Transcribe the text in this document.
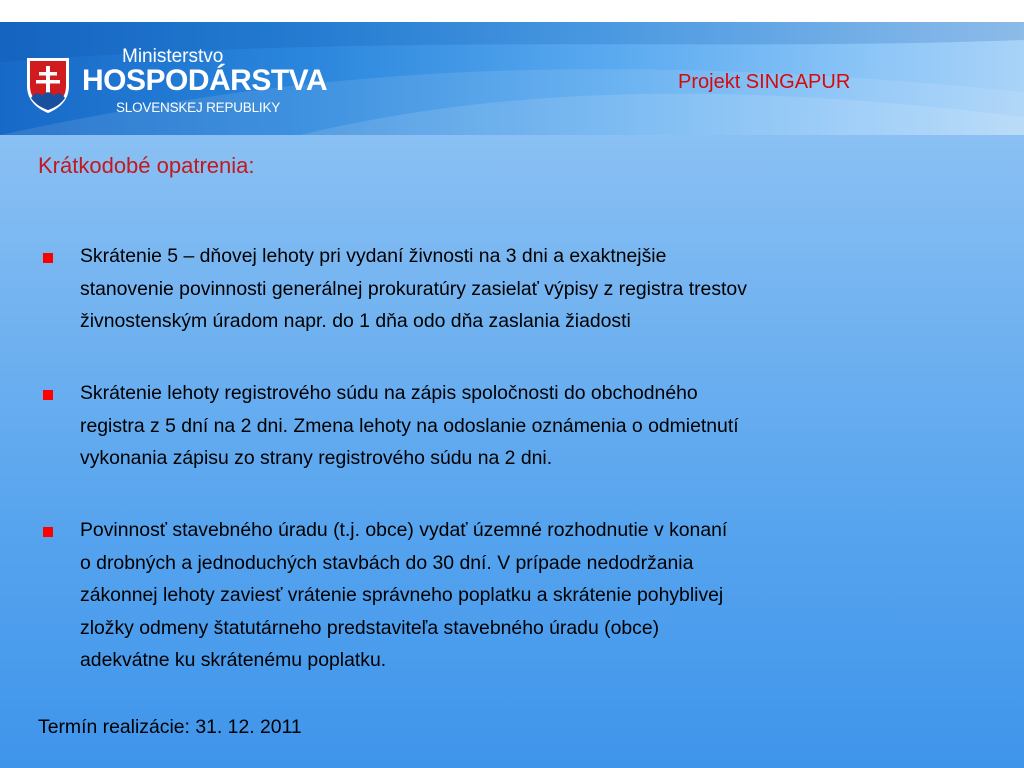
Ministerstvo
HOSPODÁRSTVA
SLOVENSKEJ REPUBLIKY
Projekt SINGAPUR
Krátkodobé opatrenia:
Skrátenie 5 – dňovej lehoty pri vydaní živnosti na 3 dni a exaktnejšie
stanovenie povinnosti generálnej prokuratúry zasielať výpisy z registra trestov
živnostenským úradom napr. do 1 dňa odo dňa zaslania žiadosti
Skrátenie lehoty registrového súdu na zápis spoločnosti do obchodného
registra z 5 dní na 2 dni. Zmena lehoty na odoslanie oznámenia o odmietnutí
vykonania zápisu zo strany registrového súdu na 2 dni.
Povinnosť stavebného úradu (t.j. obce) vydať územné rozhodnutie v konaní
o drobných a jednoduchých stavbách do 30 dní. V prípade nedodržania
zákonnej lehoty zaviesť vrátenie správneho poplatku a skrátenie pohyblivej
zložky odmeny štatutárneho predstaviteľa stavebného úradu (obce)
adekvátne ku skrátenému poplatku.
Termín realizácie: 31. 12. 2011
